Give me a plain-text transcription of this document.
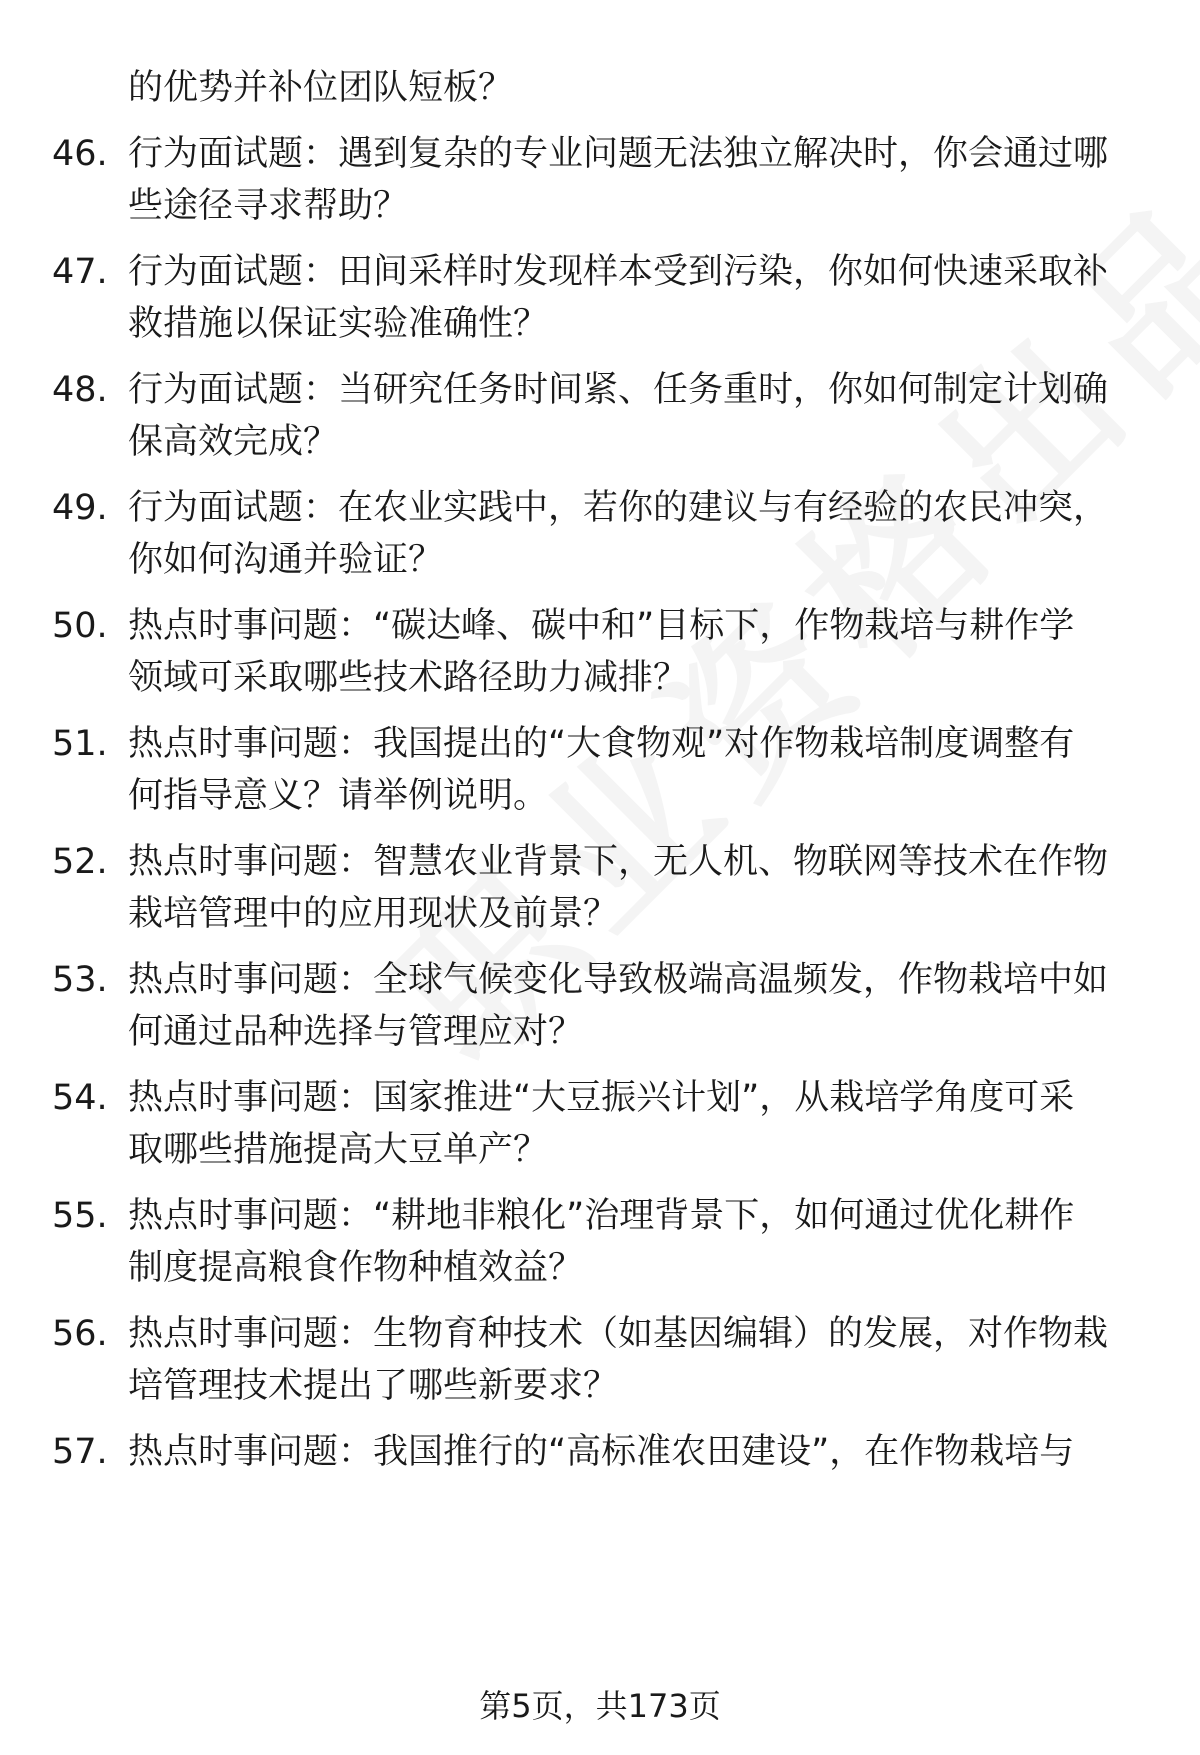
的优势并补位团队短板？
46. 行为面试题：遇到复杂的专业问题无法独立解决时，你会通过哪
些途径寻求帮助？
47. 行为面试题：田间采样时发现样本受到污染，你如何快速采取补
救措施以保证实验准确性？
48. 行为面试题：当研究任务时间紧、任务重时，你如何制定计划确
保高效完成？
49. 行为面试题：在农业实践中，若你的建议与有经验的农民冲突，
你如何沟通并验证？
50. 热点时事问题：“碳达峰、碳中和”目标下，作物栽培与耕作学
领域可采取哪些技术路径助力减排？
51. 热点时事问题：我国提出的“大食物观”对作物栽培制度调整有
何指导意义？请举例说明。
52. 热点时事问题：智慧农业背景下，无人机、物联网等技术在作物
栽培管理中的应用现状及前景？
53. 热点时事问题：全球气候变化导致极端高温频发，作物栽培中如
何通过品种选择与管理应对？
54. 热点时事问题：国家推进“大豆振兴计划”，从栽培学角度可采
取哪些措施提高大豆单产？
55. 热点时事问题：“耕地非粮化”治理背景下，如何通过优化耕作
制度提高粮食作物种植效益？
56. 热点时事问题：生物育种技术（如基因编辑）的发展，对作物栽
培管理技术提出了哪些新要求？
57. 热点时事问题：我国推行的“高标准农田建设”，在作物栽培与
第5页，共173页
